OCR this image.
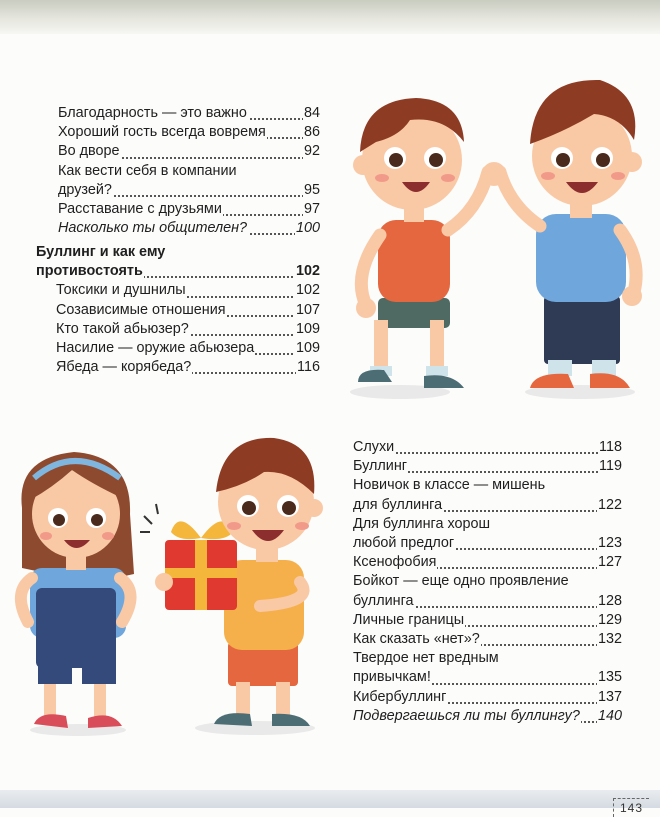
Благодарность — это важно	84
Хороший гость всегда вовремя	86
Во дворе	92
Как вести себя в компании
друзей?	95
Расставание с друзьями	97
Насколько ты общителен?	100
Буллинг и как ему
противостоять	102
Токсики и душнилы	102
Созависимые отношения	107
Кто такой абьюзер?	109
Насилие — оружие абьюзера	109
Ябеда — корябеда?	116
Слухи	118
Буллинг	119
Новичок в классе — мишень
для буллинга	122
Для буллинга хорош
любой предлог	123
Ксенофобия	127
Бойкот — еще одно проявление
буллинга	128
Личные границы	129
Как сказать «нет»?	132
Твердое нет вредным
привычкам!	135
Кибербуллинг	137
Подвергаешься ли ты буллингу? 140
143
